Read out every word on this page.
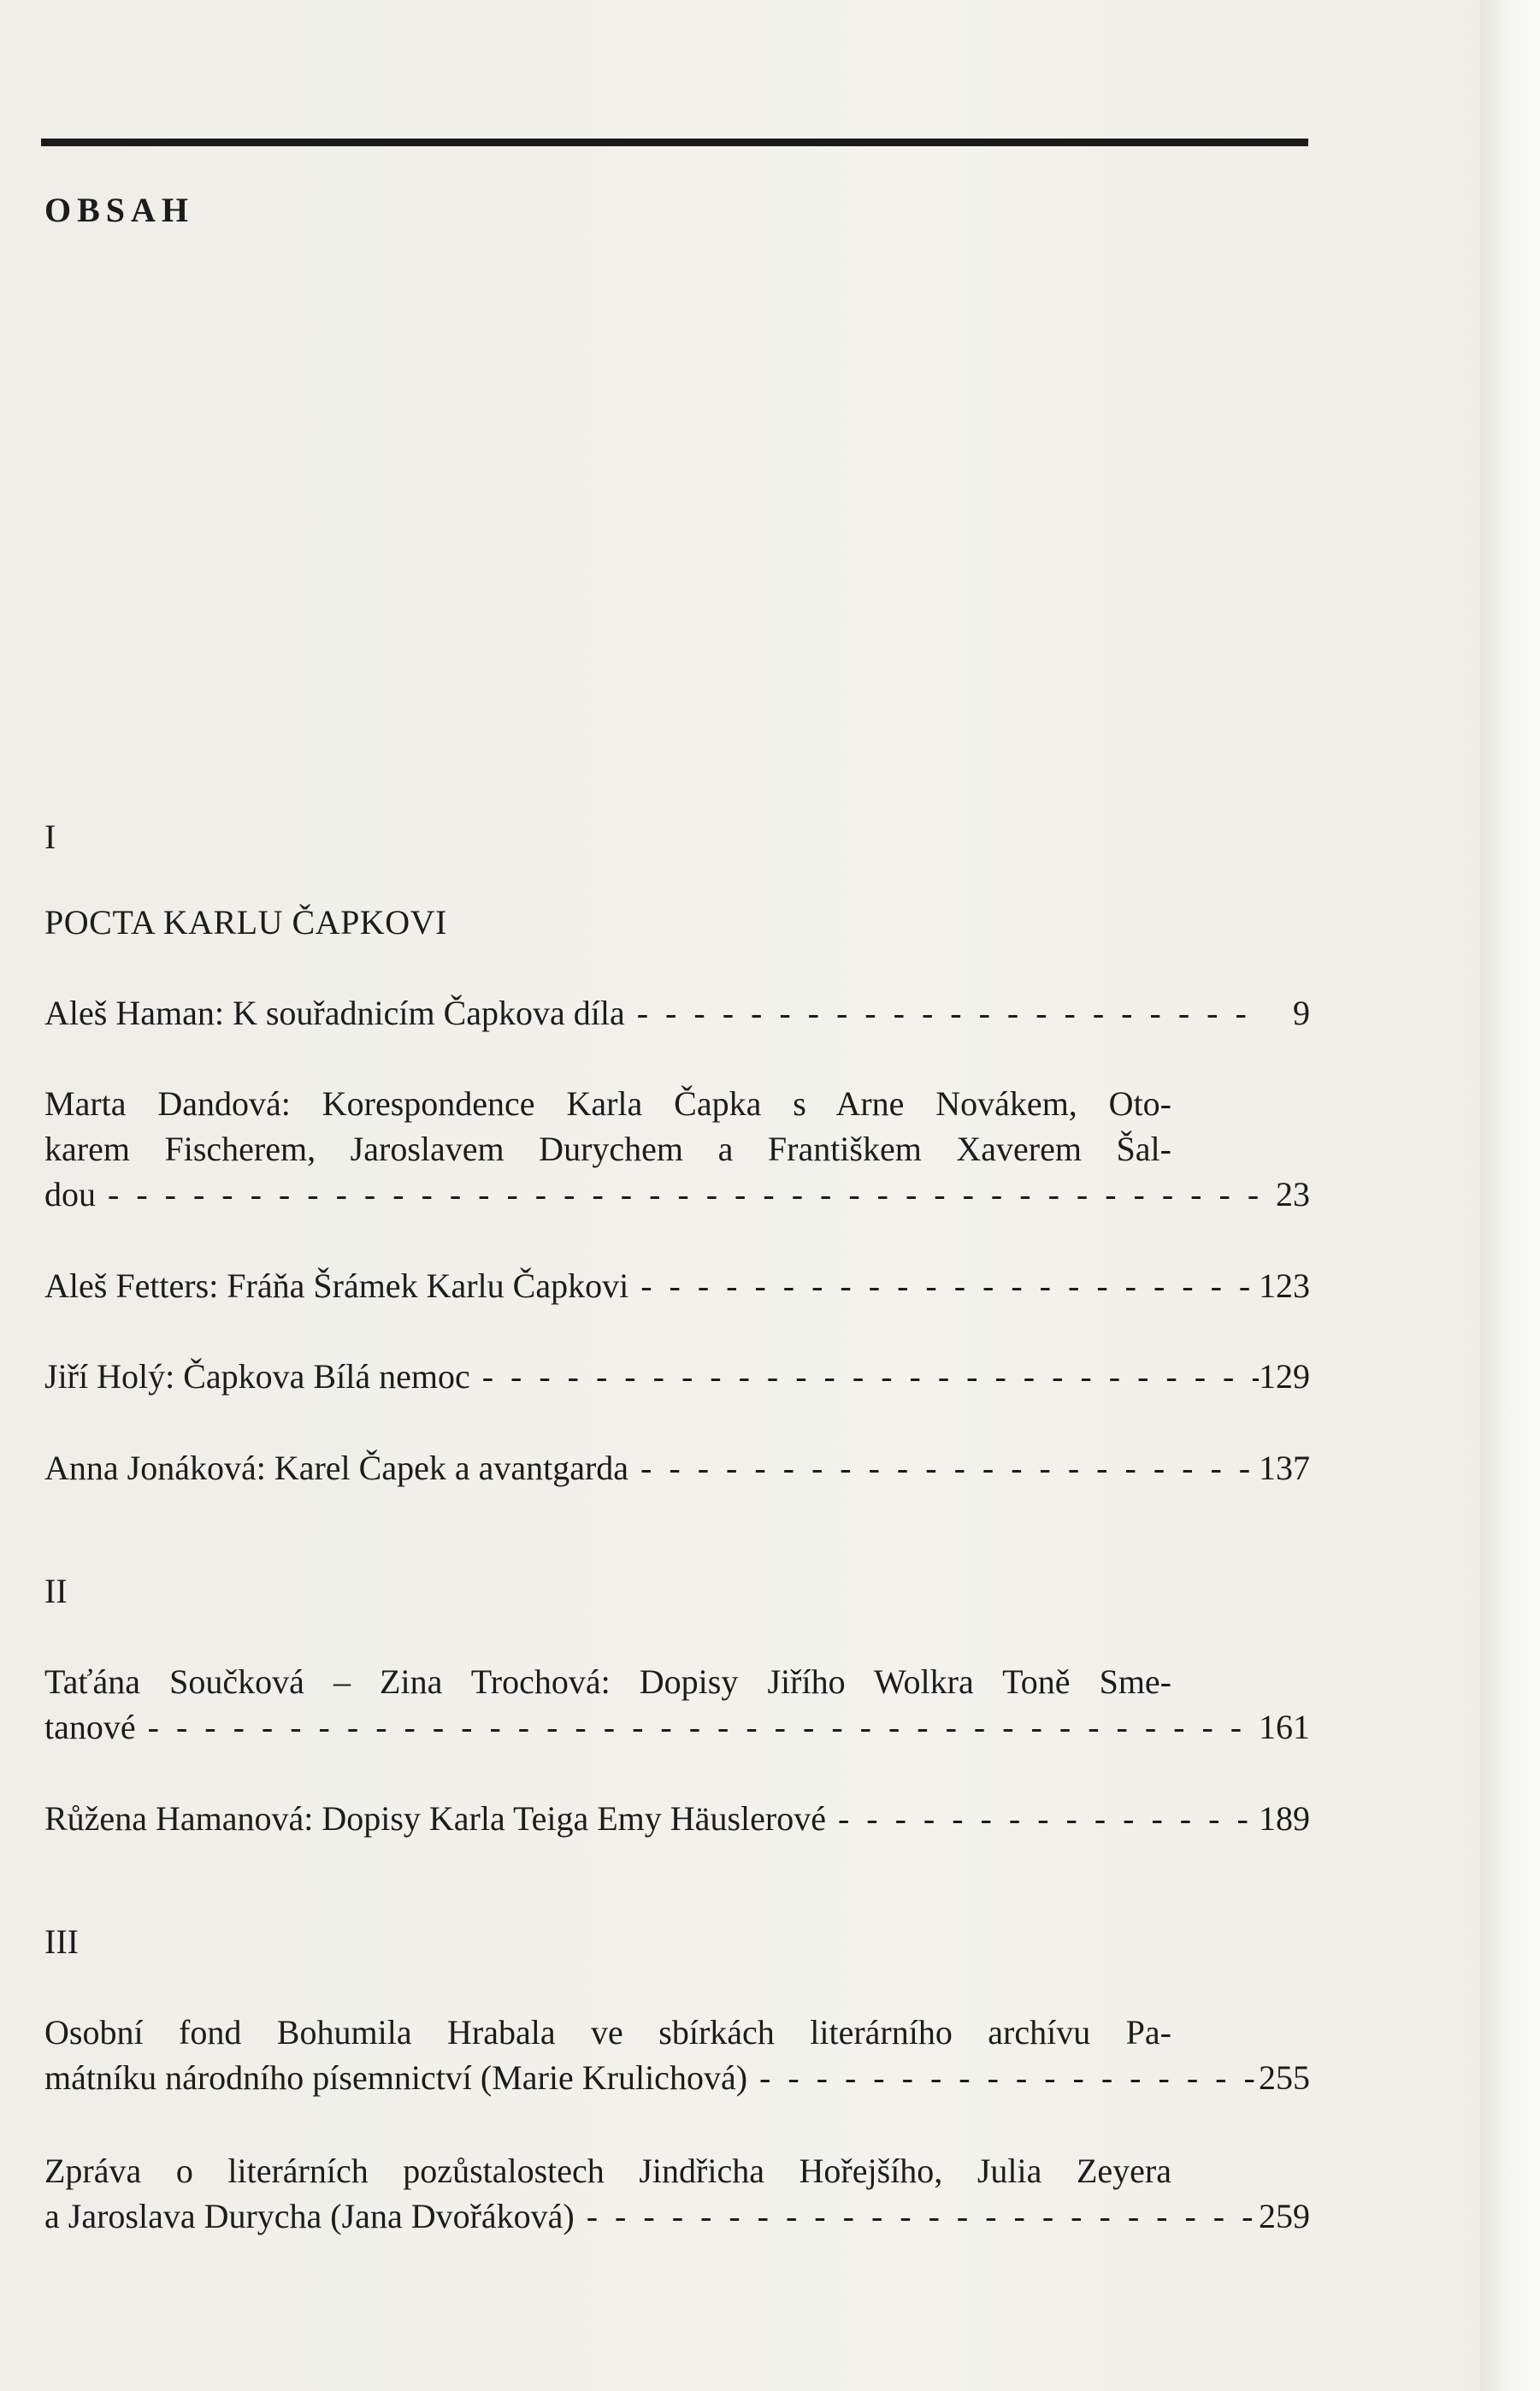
OBSAH
I
POCTA KARLU ČAPKOVI
Aleš Haman: K souřadnicím Čapkova díla - - -	9
Marta Dandová: Korespondence Karla Čapka s Arne Novákem, Oto-
karem Fischerem, Jaroslavem Durychem a Františkem Xaverem Šal-
dou - - -	23
Aleš Fetters: Fráňa Šrámek Karlu Čapkovi - - -	123
Jiří Holý: Čapkova Bílá nemoc - - -	129
Anna Jonáková: Karel Čapek a avantgarda - - -	137
II
Taťána Součková – Zina Trochová: Dopisy Jiřího Wolkra Toně Sme-
tanové - - -	161
Růžena Hamanová: Dopisy Karla Teiga Emy Häuslerové - - -	189
III
Osobní fond Bohumila Hrabala ve sbírkách literárního archívu Pa-
mátníku národního písemnictví (Marie Krulichová) - - -	255
Zpráva o literárních pozůstalostech Jindřicha Hořejšího, Julia Zeyera
a Jaroslava Durycha (Jana Dvořáková) - - -	259
